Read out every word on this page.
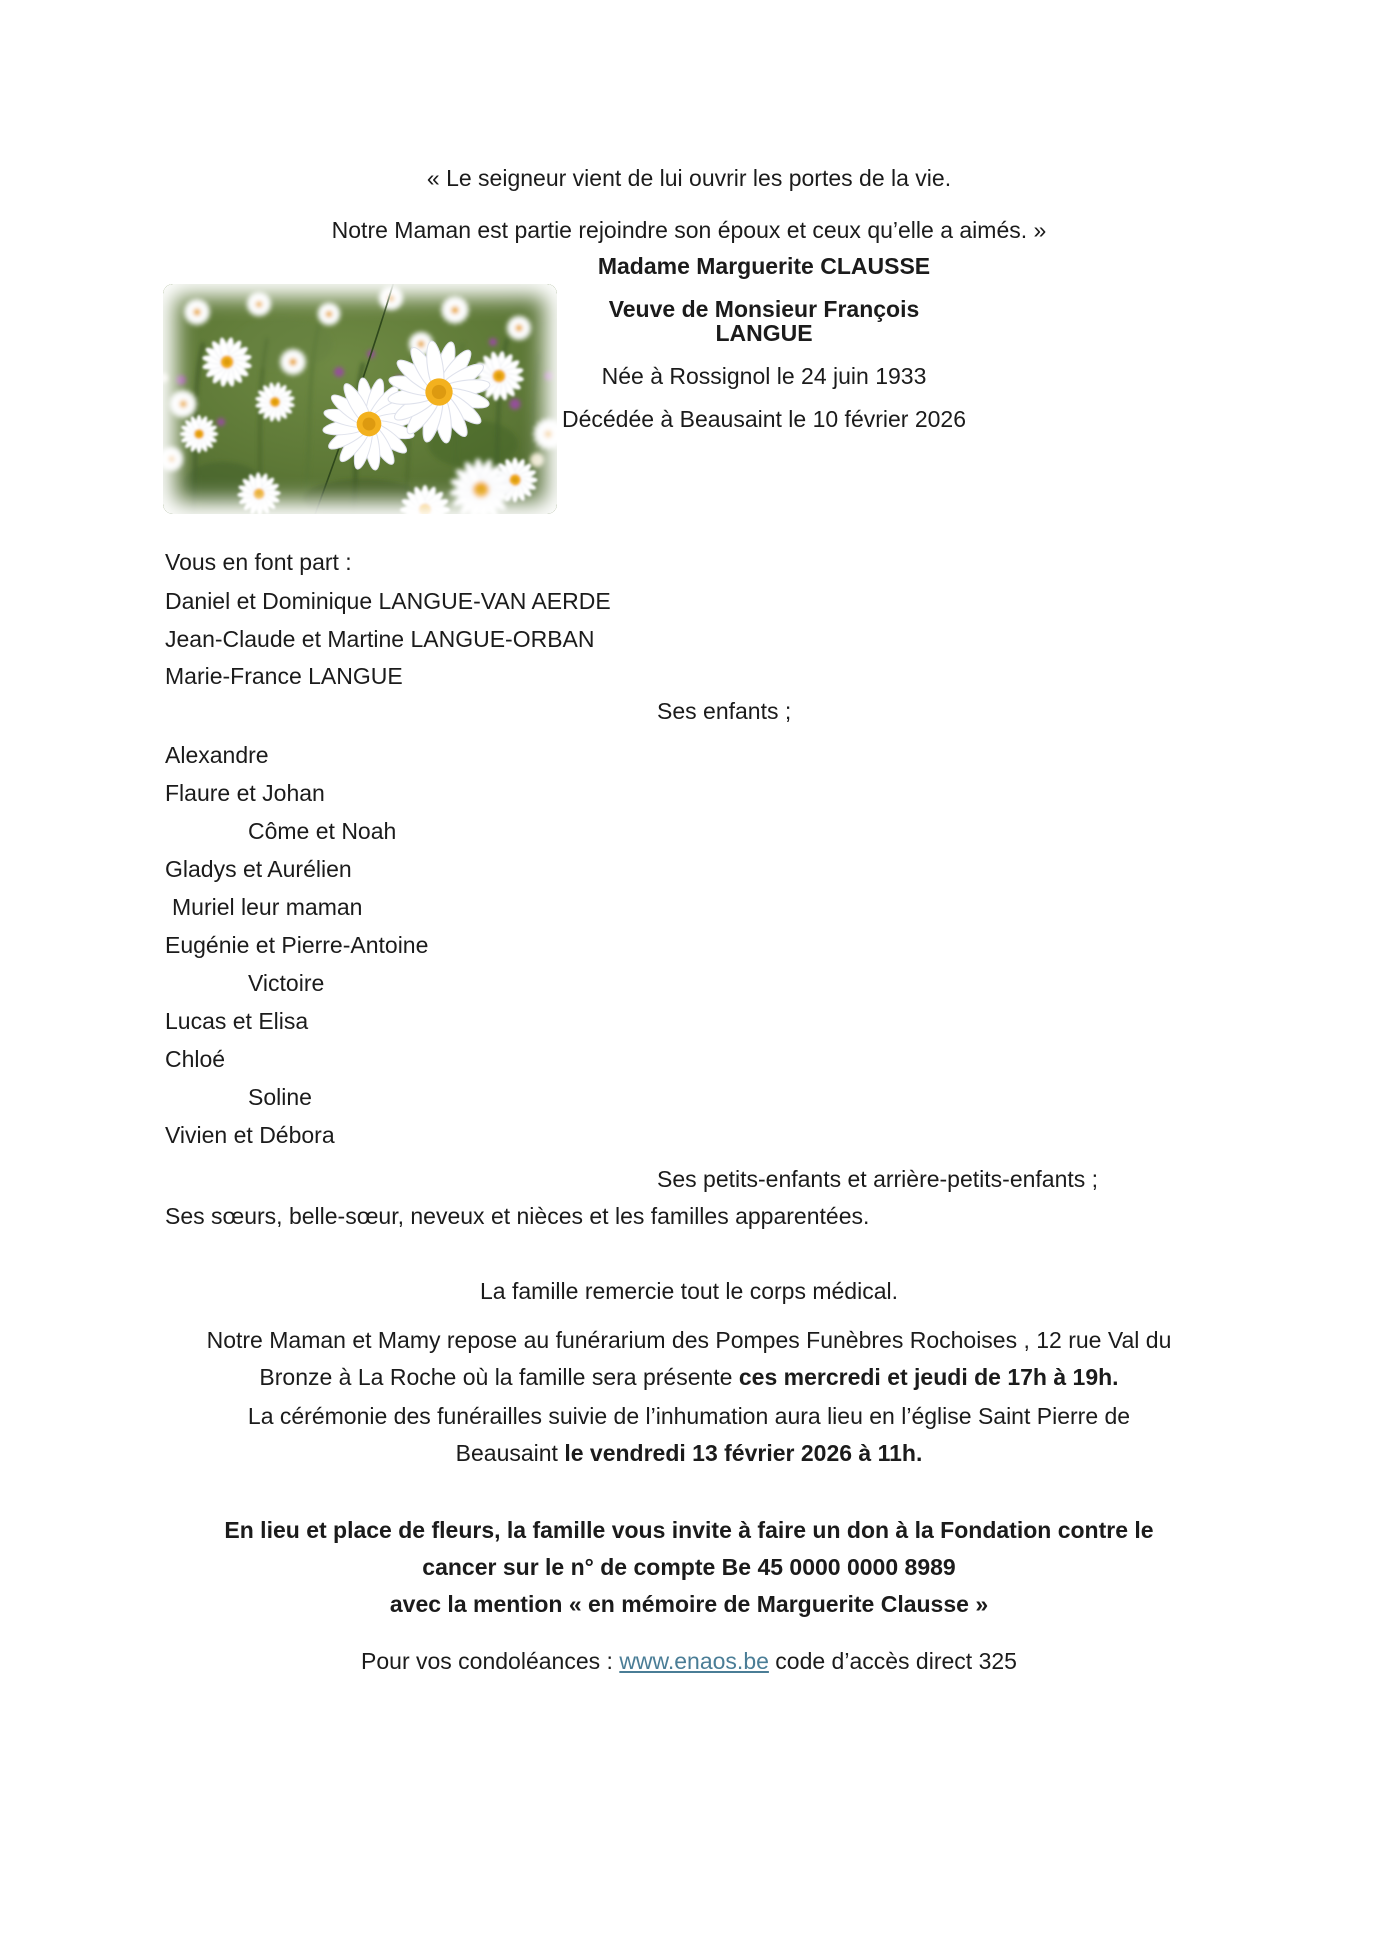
« Le seigneur vient de lui ouvrir les portes de la vie.
Notre Maman est partie rejoindre son époux et ceux qu’elle a aimés. »
Madame Marguerite CLAUSSE
Veuve de Monsieur François LANGUE
Née à Rossignol le 24 juin 1933
Décédée à Beausaint le 10 février 2026
Vous en font part :
Daniel et Dominique LANGUE-VAN AERDE
Jean-Claude et Martine LANGUE-ORBAN
Marie-France LANGUE
Ses enfants ;
Alexandre
Flaure et Johan
Côme et Noah
Gladys et Aurélien
Muriel leur maman
Eugénie et Pierre-Antoine
Victoire
Lucas et Elisa
Chloé
Soline
Vivien et Débora
Ses petits-enfants et arrière-petits-enfants ;
Ses sœurs, belle-sœur, neveux et nièces et les familles apparentées.
La famille remercie tout le corps médical.
Notre Maman et Mamy repose au funérarium des Pompes Funèbres Rochoises , 12 rue Val du
Bronze à La Roche où la famille sera présente ces mercredi et jeudi de 17h à 19h.
La cérémonie des funérailles suivie de l’inhumation aura lieu en l’église Saint Pierre de
Beausaint le vendredi 13 février 2026 à 11h.
En lieu et place de fleurs, la famille vous invite à faire un don à la Fondation contre le
cancer sur le n° de compte Be 45 0000 0000 8989
avec la mention « en mémoire de Marguerite Clausse »
Pour vos condoléances : www.enaos.be code d’accès direct 325
